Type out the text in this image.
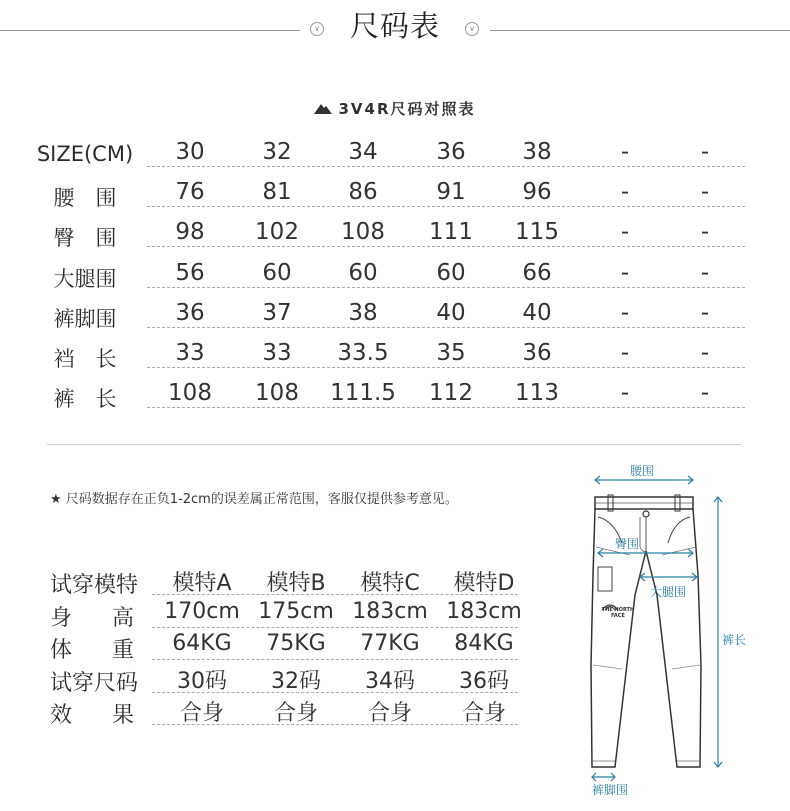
∨	尺码表	∨
3V4R尺码对照表
SIZE(CM)	30	32	34	36	38	-	-
腰　围	76	81	86	91	96	-	-
臀　围	98	102	108	111	115	-	-
大腿围	56	60	60	60	66	-	-
裤脚围	36	37	38	40	40	-	-
裆　长	33	33	33.5	35	36	-	-
裤　长	108	108	111.5	112	113	-	-
★ 尺码数据存在正负1-2cm的误差属正常范围，客服仅提供参考意见。
试穿模特	模特A	模特B	模特C	模特D
身 高	170cm 175cm 183cm 183cm
体 重	64KG	75KG	77KG	84KG
试穿尺码	30码	32码	34码	36码
效 果	合身	合身	合身	合身
腰围
臀围
大腿围
裤长
裤脚围
THE NORTH FACE
